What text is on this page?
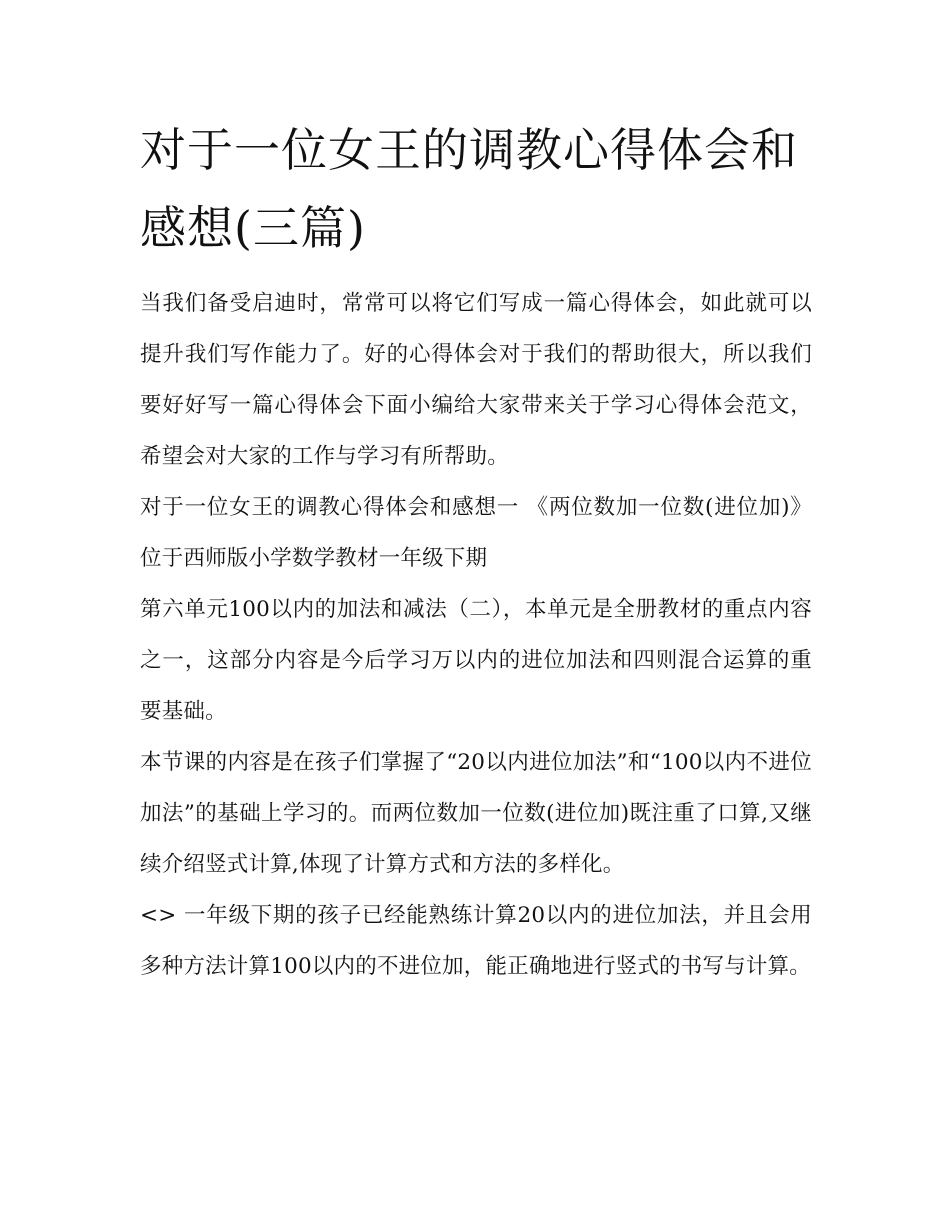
对于一位女王的调教心得体会和感想(三篇)

当我们备受启迪时，常常可以将它们写成一篇心得体会，如此就可以提升我们写作能力了。好的心得体会对于我们的帮助很大，所以我们要好好写一篇心得体会下面小编给大家带来关于学习心得体会范文，希望会对大家的工作与学习有所帮助。

对于一位女王的调教心得体会和感想一 《两位数加一位数(进位加)》位于西师版小学数学教材一年级下期

第六单元100以内的加法和减法（二），本单元是全册教材的重点内容之一，这部分内容是今后学习万以内的进位加法和四则混合运算的重要基础。

本节课的内容是在孩子们掌握了“20以内进位加法”和“100以内不进位加法”的基础上学习的。而两位数加一位数(进位加)既注重了口算,又继续介绍竖式计算,体现了计算方式和方法的多样化。

<> 一年级下期的孩子已经能熟练计算20以内的进位加法，并且会用多种方法计算100以内的不进位加，能正确地进行竖式的书写与计算。
